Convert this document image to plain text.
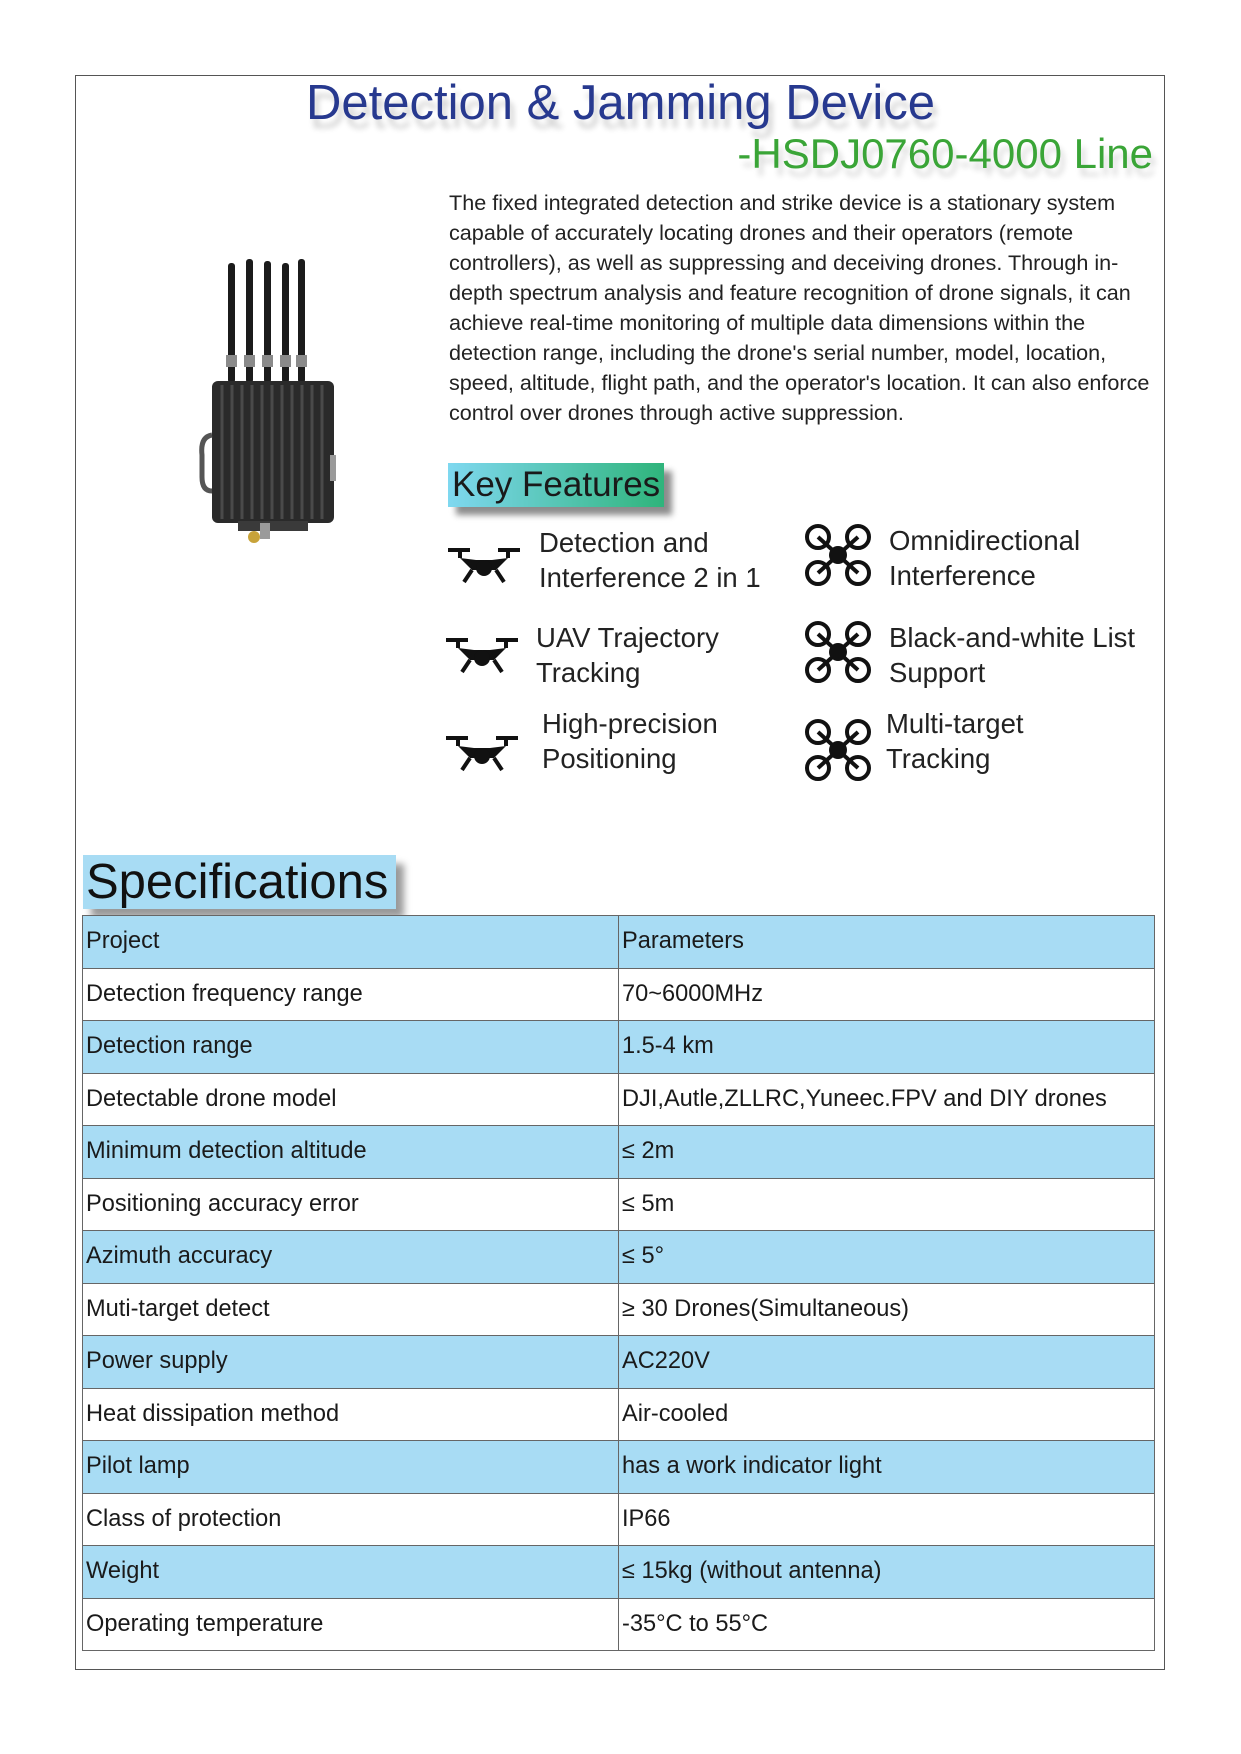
Detection & Jamming Device
-HSDJ0760-4000 Line
The fixed integrated detection and strike device is a stationary system capable of accurately locating drones and their operators (remote controllers), as well as suppressing and deceiving drones. Through in-depth spectrum analysis and feature recognition of drone signals, it can achieve real-time monitoring of multiple data dimensions within the detection range, including the drone's serial number, model, location, speed, altitude, flight path, and the operator's location. It can also enforce control over drones through active suppression.
Key Features
Detection and
Interference 2 in 1
UAV Trajectory
Tracking
High-precision
Positioning
Omnidirectional
Interference
Black-and-white List
Support
Multi-target
Tracking
Specifications
Project	Parameters
Detection frequency range	70~6000MHz
Detection range	1.5-4 km
Detectable drone model	DJI,Autle,ZLLRC,Yuneec.FPV and DIY drones
Minimum detection altitude	≤ 2m
Positioning accuracy error	≤ 5m
Azimuth accuracy	≤ 5°
Muti-target detect	≥ 30 Drones(Simultaneous)
Power supply	AC220V
Heat dissipation method	Air-cooled
Pilot lamp	has a work indicator light
Class of protection	IP66
Weight	≤ 15kg (without antenna)
Operating temperature	-35°C to 55°C
